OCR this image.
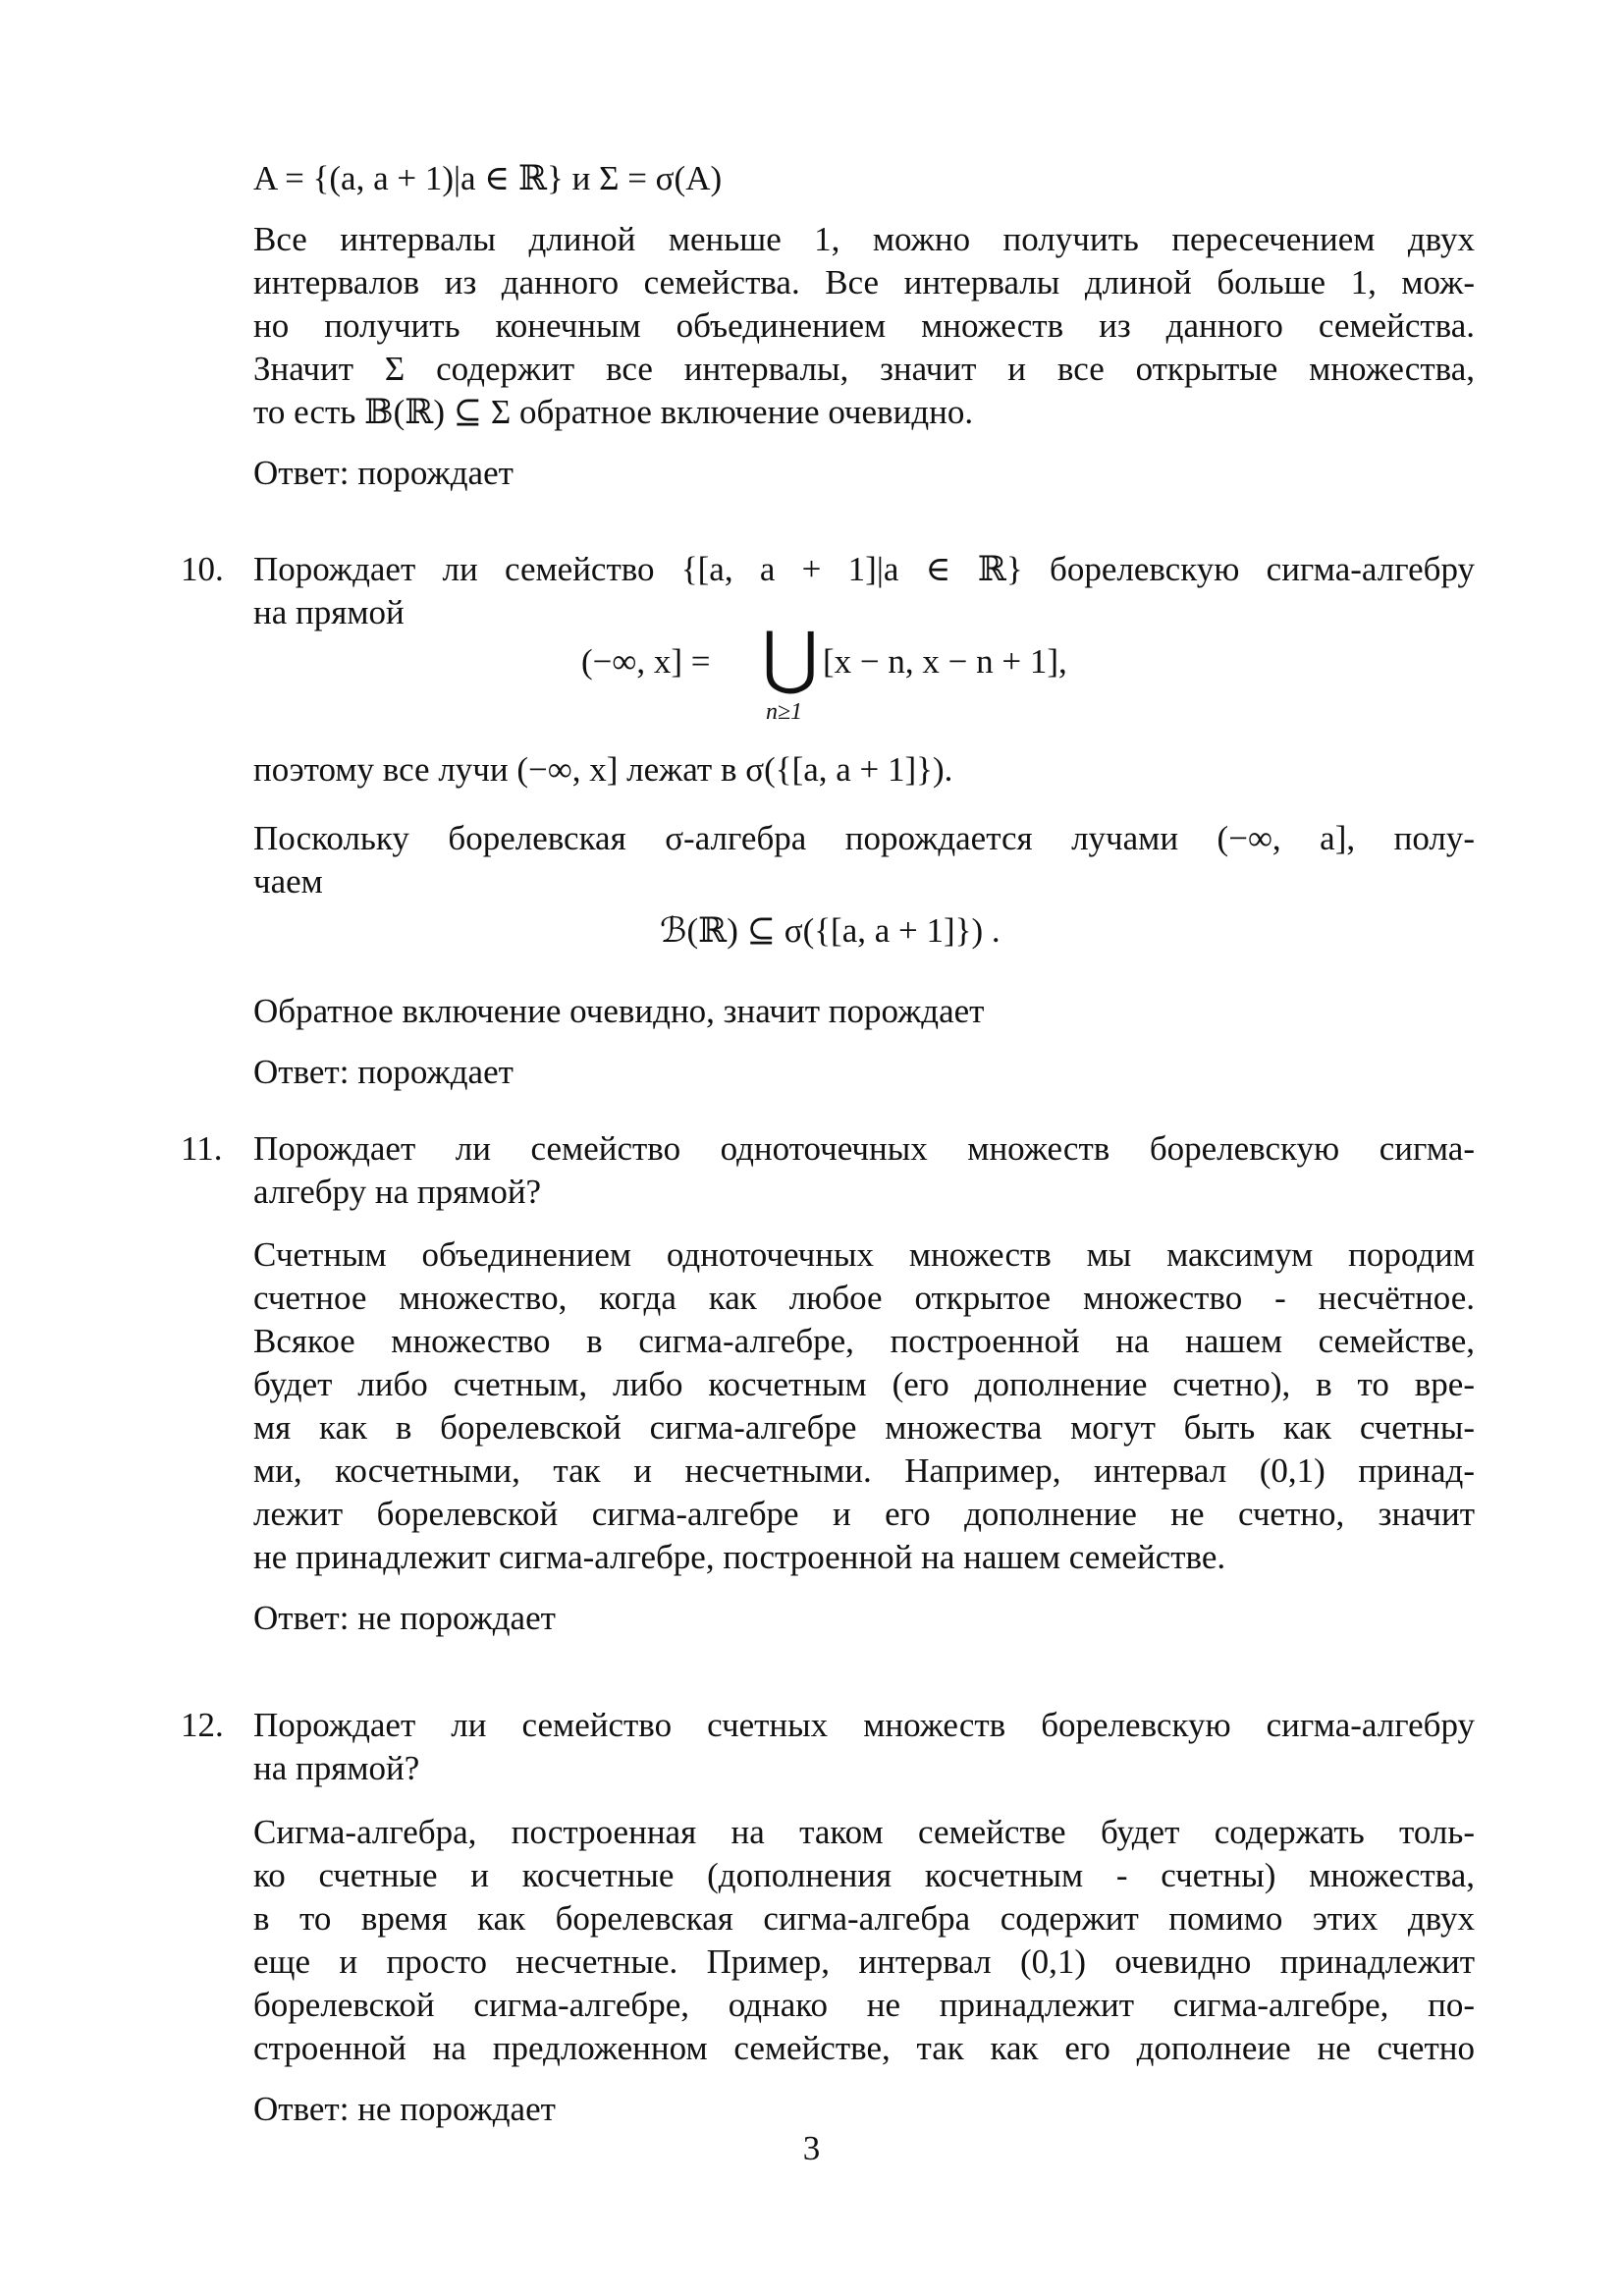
A = {(a, a + 1)|a ∈ ℝ} и Σ = σ(A)
Все интервалы длиной меньше 1, можно получить пересечением двух
интервалов из данного семейства. Все интервалы длиной больше 1, мож-
но получить конечным объединением множеств из данного семейства.
Значит Σ содержит все интервалы, значит и все открытые множества,
то есть 𝔹(ℝ) ⊆ Σ обратное включение очевидно.
Ответ: порождает
10. Порождает ли семейство {[a, a + 1]|a ∈ ℝ} борелевскую сигма-алгебру
на прямой
(−∞, x] = ⋃
n≥1
[x − n, x − n + 1],
поэтому все лучи (−∞, x] лежат в σ({[a, a + 1]}).
Поскольку борелевская σ-алгебра порождается лучами (−∞, a], полу-
чаем
ℬ(ℝ) ⊆ σ({[a, a + 1]}) .
Обратное включение очевидно, значит порождает
Ответ: порождает
11. Порождает ли семейство одноточечных множеств борелевскую сигма-
алгебру на прямой?
Счетным объединением одноточечных множеств мы максимум породим
счетное множество, когда как любое открытое множество - несчётное.
Всякое множество в сигма-алгебре, построенной на нашем семействе,
будет либо счетным, либо косчетным (его дополнение счетно), в то вре-
мя как в борелевской сигма-алгебре множества могут быть как счетны-
ми, косчетными, так и несчетными. Например, интервал (0,1) принад-
лежит борелевской сигма-алгебре и его дополнение не счетно, значит
не принадлежит сигма-алгебре, построенной на нашем семействе.
Ответ: не порождает
12. Порождает ли семейство счетных множеств борелевскую сигма-алгебру
на прямой?
Сигма-алгебра, построенная на таком семействе будет содержать толь-
ко счетные и косчетные (дополнения косчетным - счетны) множества,
в то время как борелевская сигма-алгебра содержит помимо этих двух
еще и просто несчетные. Пример, интервал (0,1) очевидно принадлежит
борелевской сигма-алгебре, однако не принадлежит сигма-алгебре, по-
строенной на предложенном семействе, так как его дополнеие не счетно
Ответ: не порождает
3
